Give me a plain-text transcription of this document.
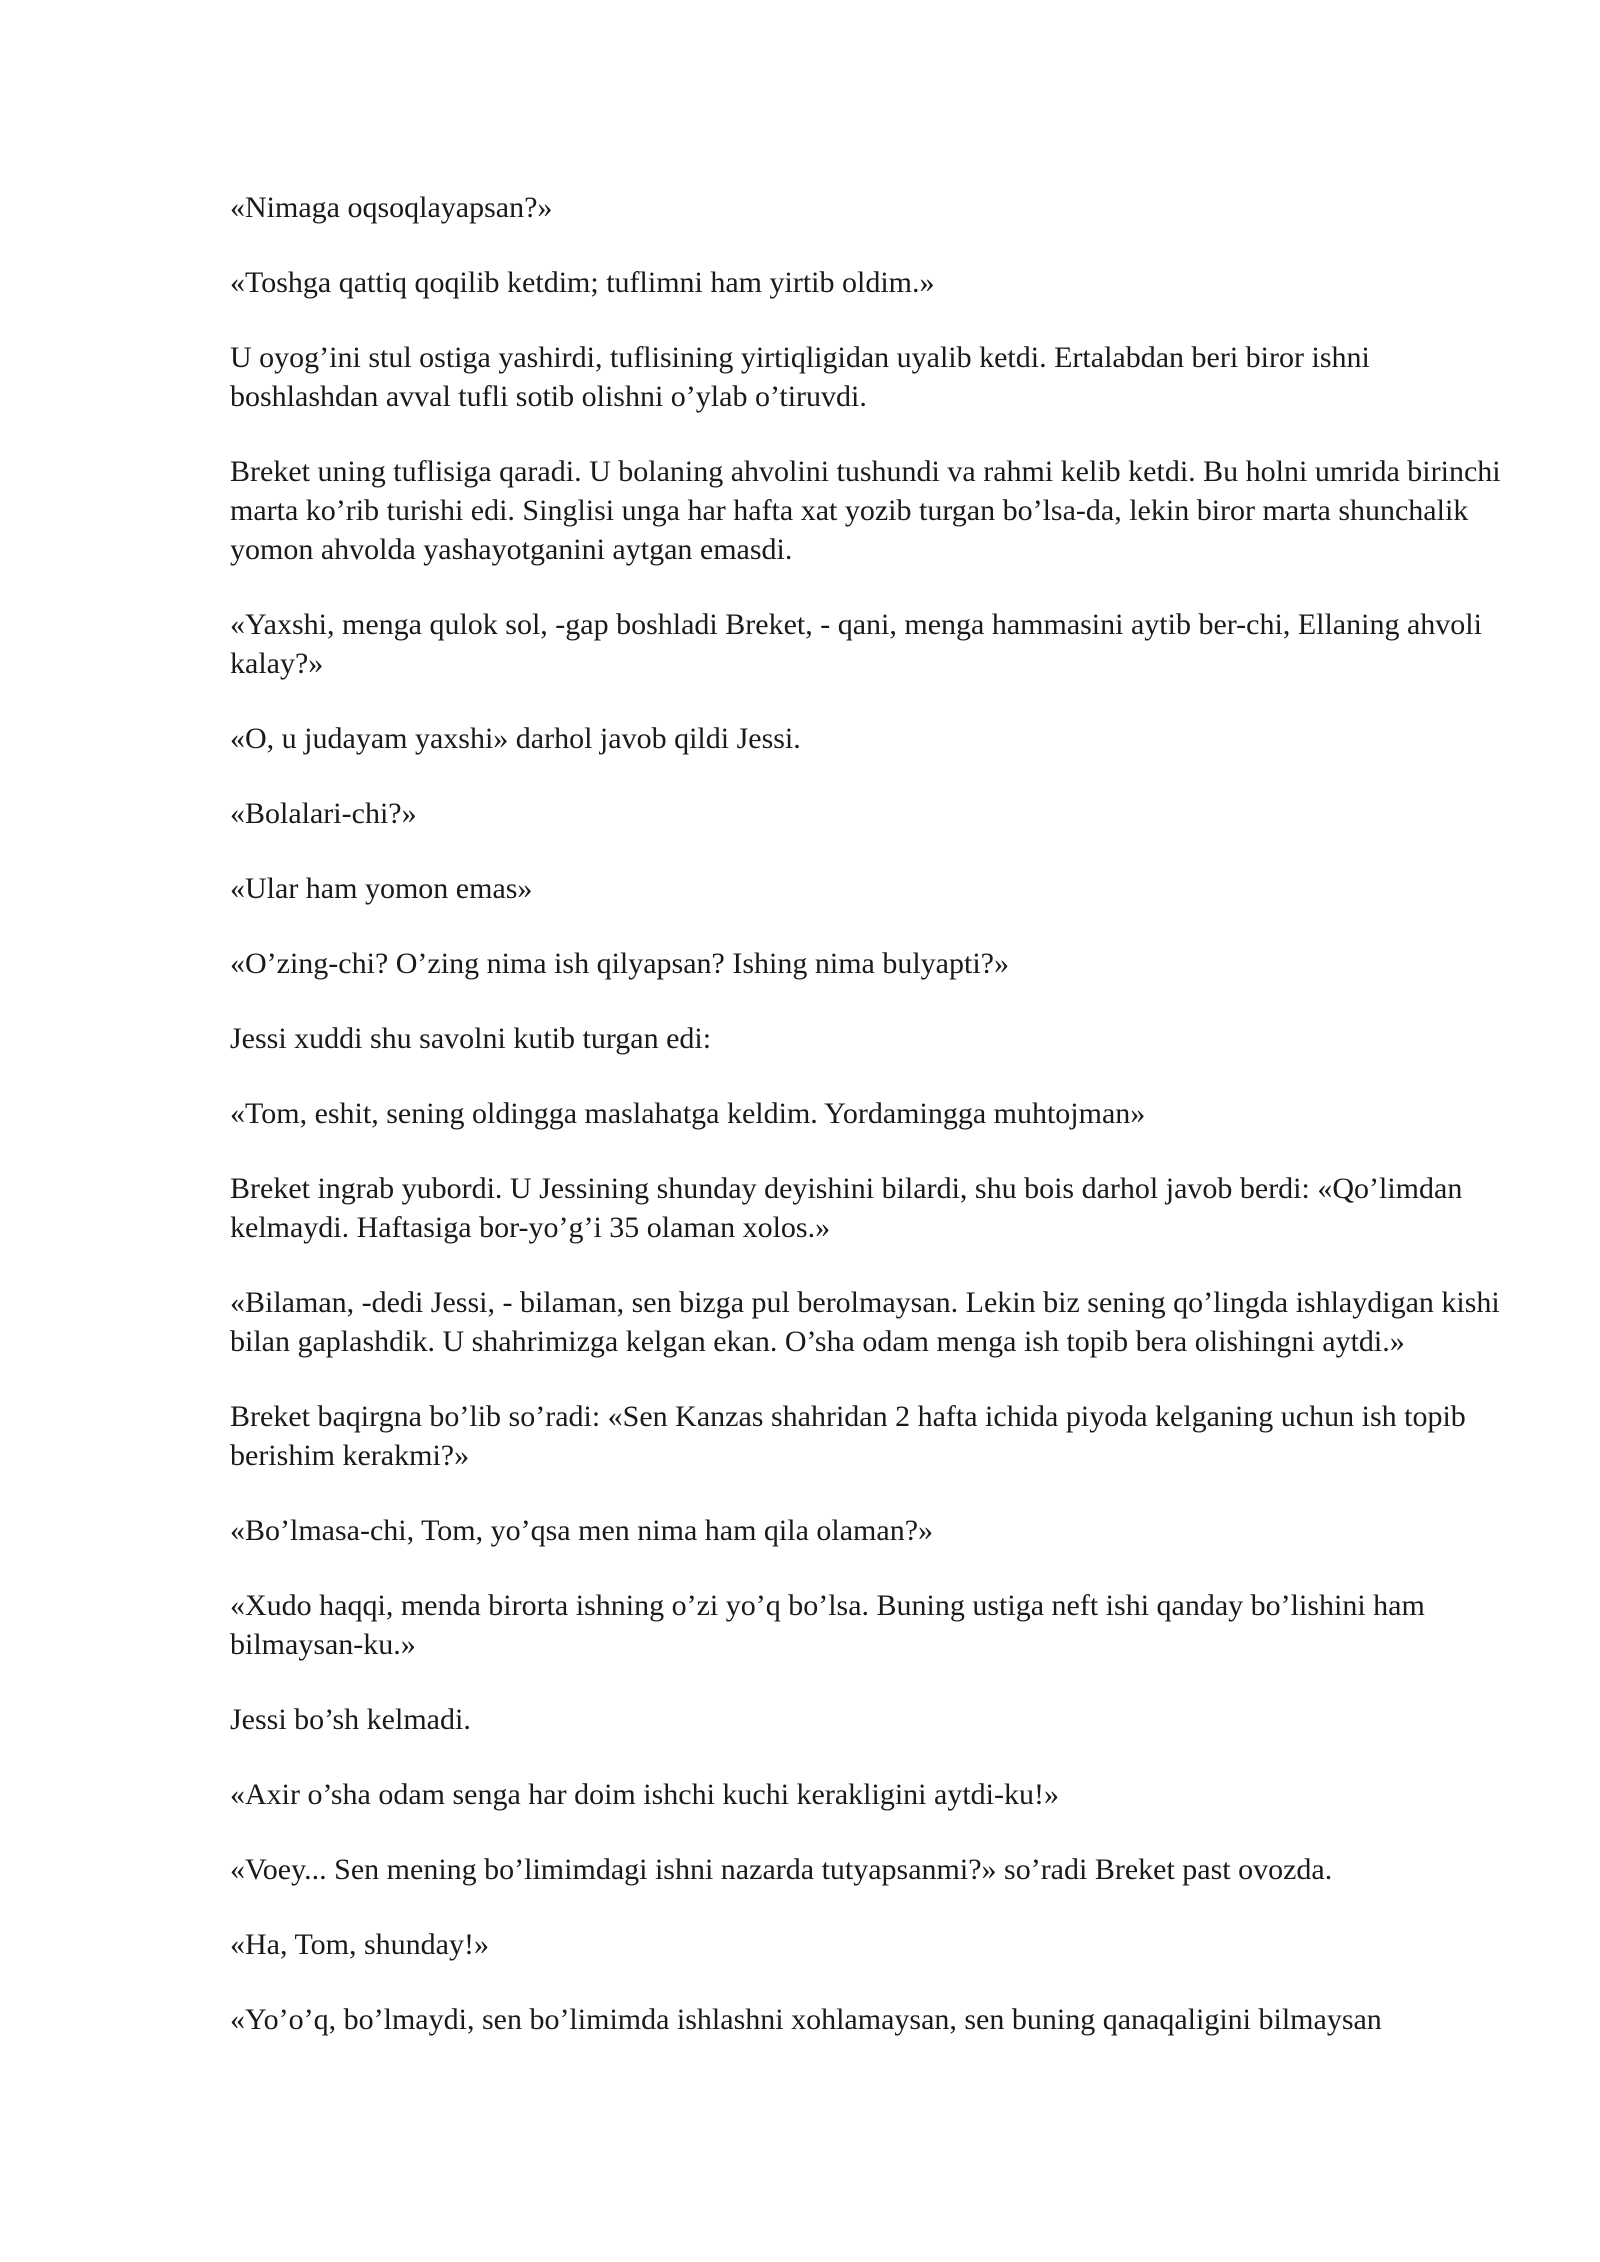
«Nimaga oqsoqlayapsan?»

«Toshga qattiq qoqilib ketdim; tuflimni ham yirtib oldim.»

U oyog’ini stul ostiga yashirdi, tuflisining yirtiqligidan uyalib ketdi. Ertalabdan beri biror ishni boshlashdan avval tufli sotib olishni o’ylab o’tiruvdi.

Breket uning tuflisiga qaradi. U bolaning ahvolini tushundi va rahmi kelib ketdi. Bu holni umrida birinchi marta ko’rib turishi edi. Singlisi unga har hafta xat yozib turgan bo’lsa-da, lekin biror marta shunchalik yomon ahvolda yashayotganini aytgan emasdi.

«Yaxshi, menga qulok sol, -gap boshladi Breket, - qani, menga hammasini aytib ber-chi, Ellaning ahvoli kalay?»

«O, u judayam yaxshi» darhol javob qildi Jessi.

«Bolalari-chi?»

«Ular ham yomon emas»

«O’zing-chi? O’zing nima ish qilyapsan? Ishing nima bulyapti?»

Jessi xuddi shu savolni kutib turgan edi:

«Tom, eshit, sening oldingga maslahatga keldim. Yordamingga muhtojman»

Breket ingrab yubordi. U Jessining shunday deyishini bilardi, shu bois darhol javob berdi: «Qo’limdan kelmaydi. Haftasiga bor-yo’g’i 35 olaman xolos.»

«Bilaman, -dedi Jessi, - bilaman, sen bizga pul berolmaysan. Lekin biz sening qo’lingda ishlaydigan kishi bilan gaplashdik. U shahrimizga kelgan ekan. O’sha odam menga ish topib bera olishingni aytdi.»

Breket baqirgna bo’lib so’radi: «Sen Kanzas shahridan 2 hafta ichida piyoda kelganing uchun ish topib berishim kerakmi?»

«Bo’lmasa-chi, Tom, yo’qsa men nima ham qila olaman?»

«Xudo haqqi, menda birorta ishning o’zi yo’q bo’lsa. Buning ustiga neft ishi qanday bo’lishini ham bilmaysan-ku.»

Jessi bo’sh kelmadi.

«Axir o’sha odam senga har doim ishchi kuchi kerakligini aytdi-ku!»

«Voey... Sen mening bo’limimdagi ishni nazarda tutyapsanmi?» so’radi Breket past ovozda.

«Ha, Tom, shunday!»

«Yo’o’q, bo’lmaydi, sen bo’limimda ishlashni xohlamaysan, sen buning qanaqaligini bilmaysan
